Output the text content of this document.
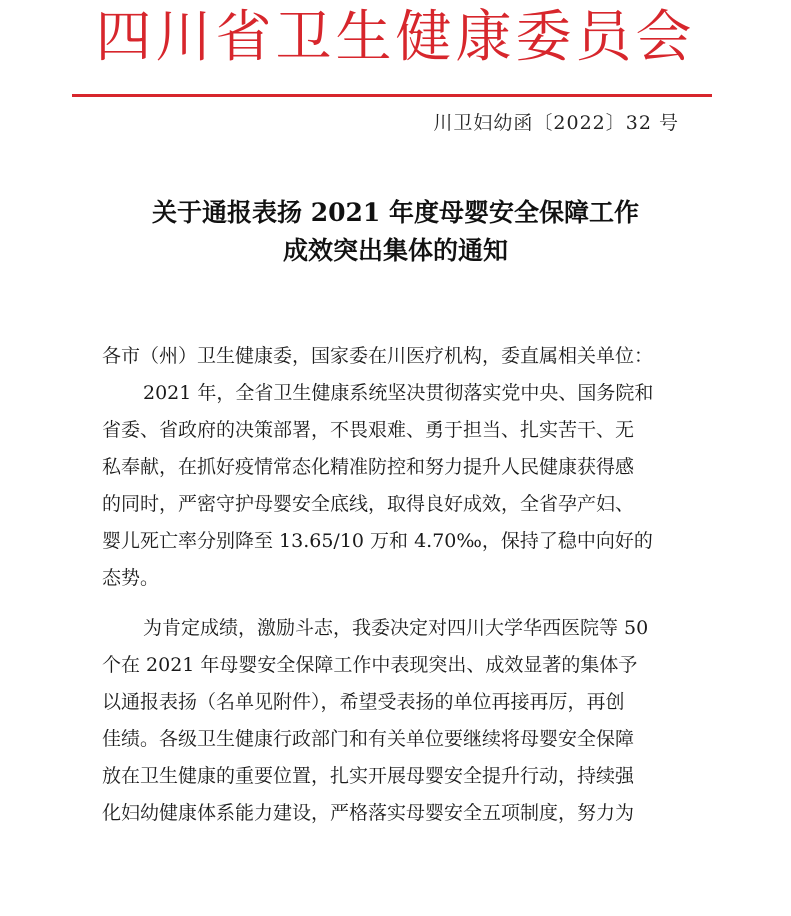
四川省卫生健康委员会
川卫妇幼函〔2022〕32 号
关于通报表扬 2021 年度母婴安全保障工作
成效突出集体的通知
各市（州）卫生健康委，国家委在川医疗机构，委直属相关单位：
2021 年，全省卫生健康系统坚决贯彻落实党中央、国务院和
省委、省政府的决策部署，不畏艰难、勇于担当、扎实苦干、无
私奉献，在抓好疫情常态化精准防控和努力提升人民健康获得感
的同时，严密守护母婴安全底线，取得良好成效，全省孕产妇、
婴儿死亡率分别降至 13.65/10 万和 4.70‰，保持了稳中向好的
态势。
为肯定成绩，激励斗志，我委决定对四川大学华西医院等 50
个在 2021 年母婴安全保障工作中表现突出、成效显著的集体予
以通报表扬（名单见附件），希望受表扬的单位再接再厉，再创
佳绩。各级卫生健康行政部门和有关单位要继续将母婴安全保障
放在卫生健康的重要位置，扎实开展母婴安全提升行动，持续强
化妇幼健康体系能力建设，严格落实母婴安全五项制度，努力为
